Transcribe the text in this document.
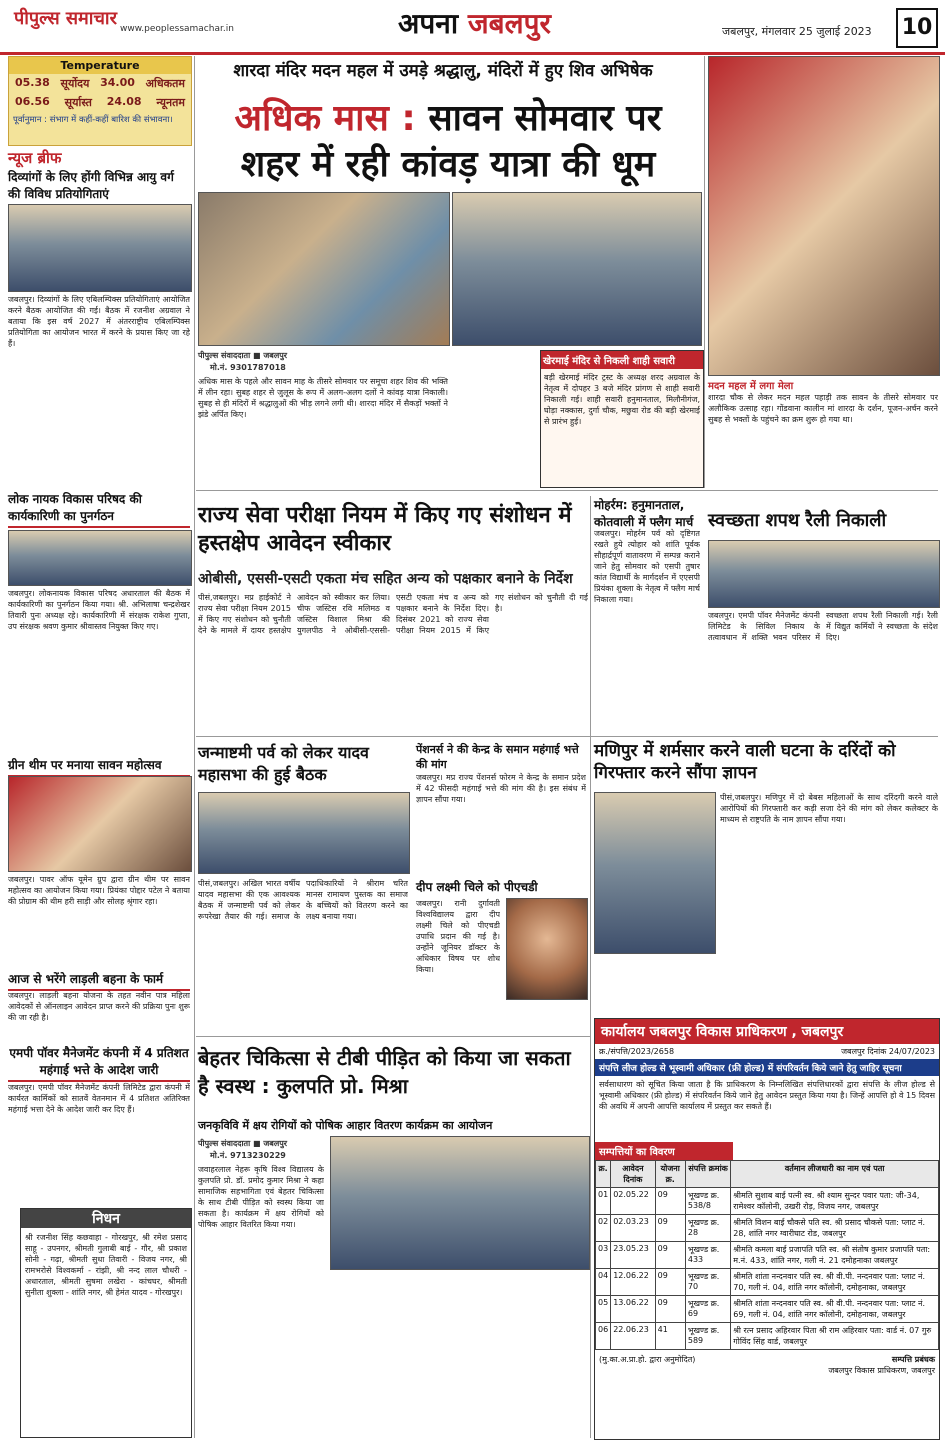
पीपुल्स समाचार www.peoplessamachar.in	अपना जबलपुर	जबलपुर, मंगलवार 25 जुलाई 2023 10
Temperature
05.38 सूर्योदय 34.00 अधिकतम
06.56 सूर्यास्त 24.08 न्यूनतम
पूर्वानुमान : संभाग में कहीं-कहीं बारिश की संभावना।
शारदा मंदिर मदन महल में उमड़े श्रद्धालु, मंदिरों में हुए शिव अभिषेक
अधिक मास : सावन सोमवार पर
शहर में रही कांवड़ यात्रा की धूम
पीपुल्स संवाददाता ■ जबलपुर
मो.नं. 9301787018
अधिक मास के पहले और सावन माह के तीसरे सोमवार पर समूचा शहर शिव की भक्ति में लीन रहा। सुबह शहर से जुलूस के रूप में अलग-अलग दलों ने कांवड़ यात्रा निकाली। सुबह से ही मंदिरों में श्रद्धालुओं की भीड़ लगने लगी थी। शारदा मंदिर में सैकड़ों भक्तों ने झंडे अर्पित किए।
खेरमाई मंदिर से निकली शाही सवारी
बड़ी खेरमाई मंदिर ट्रस्ट के अध्यक्ष शरद अग्रवाल के नेतृत्व में दोपहर 3 बजे मंदिर प्रांगण से शाही सवारी निकाली गई। शाही सवारी हनुमानताल, मिलौनीगंज, घोड़ा नक्कास, दुर्गा चौक, मछुवा रोड की बड़ी खेरमाई से प्रारंभ हुई।
मदन महल में लगा मेला
शारदा चौक से लेकर मदन महल पहाड़ी तक सावन के तीसरे सोमवार पर अलौकिक उत्साह रहा। गोंडवाना कालीन मां शारदा के दर्शन, पूजन-अर्चन करने सुबह से भक्तों के पहुंचने का क्रम शुरू हो गया था।
न्यूज ब्रीफ
दिव्यांगों के लिए होंगी विभिन्न आयु वर्ग की विविध प्रतियोगिताएं
जबलपुर। दिव्यांगों के लिए एबिलम्पिक्स प्रतियोगिताएं आयोजित करने बैठक आयोजित की गई। बैठक में रजनीश अग्रवाल ने बताया कि इस वर्ष 2027 में अंतरराष्ट्रीय एबिलम्पिक्स प्रतियोगिता का आयोजन भारत में करने के प्रयास किए जा रहे हैं।
लोक नायक विकास परिषद की कार्यकारिणी का पुनर्गठन
जबलपुर। लोकनायक विकास परिषद अधारताल की बैठक में कार्यकारिणी का पुनर्गठन किया गया। श्री. अभिलाषा चन्द्रशेखर तिवारी पुनः अध्यक्ष रहे। कार्यकारिणी में संरक्षक राकेश गुप्ता, उप संरक्षक श्रवण कुमार श्रीवास्तव नियुक्त किए गए।
ग्रीन थीम पर मनाया सावन महोत्सव
जबलपुर। पावर ऑफ यूमेन ग्रुप द्वारा ग्रीन थीम पर सावन महोत्सव का आयोजन किया गया। प्रियंका पोद्दार पटेल ने बताया की प्रोग्राम की थीम हरी साड़ी और सोलह श्रृंगार रहा।
आज से भरेंगे लाड़ली बहना के फार्म
जबलपुर। लाड़ली बहना योजना के तहत नवीन पात्र महिला आवेदकों से ऑनलाइन आवेदन प्राप्त करने की प्रक्रिया पुनः शुरू की जा रही है।
एमपी पॉवर मैनेजमेंट कंपनी में 4 प्रतिशत महंगाई भत्ते के आदेश जारी
जबलपुर। एमपी पॉवर मैनेजमेंट कंपनी लिमिटेड द्वारा कंपनी में कार्यरत कार्मिकों को सातवें वेतनमान में 4 प्रतिशत अतिरिक्त महंगाई भत्ता देने के आदेश जारी कर दिए हैं।
निधन
श्री रजनीश सिंह कछवाहा - गोरखपुर, श्री रमेश प्रसाद साहू - उपनगर, श्रीमती गुलाबी बाई - गौर, श्री प्रकाश सोनी - गढ़ा, श्रीमती सुधा तिवारी - विजय नगर, श्री रामभरोसे विश्वकर्मा - रांझी, श्री नन्द लाल चौधरी - अधारताल, श्रीमती सुषमा लखेरा - कांचघर, श्रीमती सुनीता शुक्ला - शांति नगर, श्री हेमंत यादव - गोरखपुर।
राज्य सेवा परीक्षा नियम में किए गए संशोधन में हस्तक्षेप आवेदन स्वीकार
ओबीसी, एससी-एसटी एकता मंच सहित अन्य को पक्षकार बनाने के निर्देश
पीसं,जबलपुर। मप्र हाईकोर्ट ने राज्य सेवा परीक्षा नियम 2015 में किए गए संशोधन को चुनौती देने के मामले में दायर हस्तक्षेप आवेदन को स्वीकार कर लिया। चीफ जस्टिस रवि मलिमठ व जस्टिस विशाल मिश्रा की युगलपीठ ने ओबीसी-एससी-एसटी एकता मंच व अन्य को पक्षकार बनाने के निर्देश दिए। दिसंबर 2021 को राज्य सेवा परीक्षा नियम 2015 में किए गए संशोधन को चुनौती दी गई है।
मोहर्रम: हनुमानताल, कोतवाली में फ्लैग मार्च
जबलपुर। मोहर्रम पर्व को दृष्टिगत रखते हुये त्योहार को शांति पूर्वक सौहार्द्रपूर्ण वातावरण में सम्पन्न कराने जाने हेतु सोमवार को एसपी तुषार कांत विद्यार्थी के मार्गदर्शन में एएसपी प्रियंका शुक्ला के नेतृत्व में फ्लैग मार्च निकाला गया।
स्वच्छता शपथ रैली निकाली
जबलपुर। एमपी पॉवर मैनेजमेंट कंपनी लिमिटेड के सिविल निकाय के तत्वावधान में शक्ति भवन परिसर में स्वच्छता शपथ रैली निकाली गई। रैली में विद्युत कर्मियों ने स्वच्छता के संदेश दिए।
जन्माष्टमी पर्व को लेकर यादव महासभा की हुई बैठक
पीसं,जबलपुर। अखिल भारत वर्षीय यादव महासभा की एक आवश्यक बैठक में जन्माष्टमी पर्व को लेकर रूपरेखा तैयार की गई। समाज के पदाधिकारियों ने श्रीराम चरित मानस रामायण पुस्तक का समाज के बच्चियों को वितरण करने का लक्ष्य बनाया गया।
पेंशनर्स ने की केन्द्र के समान महंगाई भत्ते की मांग
जबलपुर। मप्र राज्य पेंशनर्स फोरम ने केन्द्र के समान प्रदेश में 42 फीसदी महंगाई भत्ते की मांग की है। इस संबंध में ज्ञापन सौंपा गया।
दीप लक्ष्मी चिले को पीएचडी
जबलपुर। रानी दुर्गावती विश्वविद्यालय द्वारा दीप लक्ष्मी चिले को पीएचडी उपाधि प्रदान की गई है। उन्होंने जूनियर डॉक्टर के अधिकार विषय पर शोध किया।
मणिपुर में शर्मसार करने वाली घटना के दरिंदों को गिरफ्तार करने सौंपा ज्ञापन
पीसं,जबलपुर। मणिपुर में दो बेबस महिलाओं के साथ दरिंदगी करने वाले आरोपियों की गिरफ्तारी कर कड़ी सजा देने की मांग को लेकर कलेक्टर के माध्यम से राष्ट्रपति के नाम ज्ञापन सौंपा गया।
कार्यालय जबलपुर विकास प्राधिकरण , जबलपुर
क्र./संपत्ति/2023/2658	जबलपुर दिनांक 24/07/2023
संपत्ति लीज होल्ड से भूस्वामी अधिकार (फ्री होल्ड) में संपरिवर्तन किये जाने हेतु जाहिर सूचना
सर्वसाधारण को सूचित किया जाता है कि प्राधिकरण के निम्नलिखित संपत्तिधारकों द्वारा संपत्ति के लीज होल्ड से भूस्वामी अधिकार (फ्री होल्ड) में संपरिवर्तन किये जाने हेतु आवेदन प्रस्तुत किया गया है। जिन्हें आपत्ति हो वे 15 दिवस की अवधि में अपनी आपत्ति कार्यालय में प्रस्तुत कर सकते हैं।
सम्पत्तियों का विवरण
क्र.	आवेदन दिनांक	योजना क्र.	संपत्ति क्रमांक	वर्तमान लीजधारी का नाम एवं पता
01	02.05.22	09	भूखण्ड क्र. 538/8	श्रीमति सुशाब बाई पत्नी स्व. श्री श्याम सुन्दर पवार पता: जी-34, रामेश्वर कॉलोनी, उखरी रोड़, विजय नगर, जबलपुर
02	02.03.23	09	भूखण्ड क्र. 28	श्रीमति विशन बाई चौकसे पति स्व. श्री प्रसाद चौकसे पता: प्लाट नं. 28, शांति नगर ग्वारीघाट रोड, जबलपुर
03	23.05.23	09	भूखण्ड क्र. 433	श्रीमति कमला बाई प्रजापति पति स्व. श्री संतोष कुमार प्रजापति पता: म.नं. 433, शांति नगर, गली नं. 21 दमोहनाका जबलपुर
04	12.06.22	09	भूखण्ड क्र. 70	श्रीमति शांता नन्दनवार पति स्व. श्री वी.पी. नन्दनवार पता: प्लाट नं. 70, गली नं. 04, शांति नगर कॉलोनी, दमोहनाका, जबलपुर
05	13.06.22	09	भूखण्ड क्र. 69	श्रीमति शांता नन्दनवार पति स्व. श्री वी.पी. नन्दनवार पता: प्लाट नं. 69, गली नं. 04, शांति नगर कॉलोनी, दमोहनाका, जबलपुर
06	22.06.23	41	भूखण्ड क्र. 589	श्री रत्न प्रसाद अहिरवार पिता श्री राम अहिरवार पता: वार्ड नं. 07 गुरु गोविंद सिंह वार्ड, जबलपुर
(मु.का.अ.प्रा.हो. द्वारा अनुमोदित)	सम्पत्ति प्रबंधक
जबलपुर विकास प्राधिकरण, जबलपुर
बेहतर चिकित्सा से टीबी पीड़ित को किया जा सकता है स्वस्थ : कुलपति प्रो. मिश्रा
जनकृविवि में क्षय रोगियों को पोषिक आहार वितरण कार्यक्रम का आयोजन
पीपुल्स संवाददाता ■ जबलपुर
मो.नं. 9713230229
जवाहरलाल नेहरू कृषि विश्व विद्यालय के कुलपति प्रो. डॉ. प्रमोद कुमार मिश्रा ने कहा सामाजिक सहभागिता एवं बेहतर चिकित्सा के साथ टीबी पीड़ित को स्वस्थ किया जा सकता है। कार्यक्रम में क्षय रोगियों को पोषिक आहार वितरित किया गया।
